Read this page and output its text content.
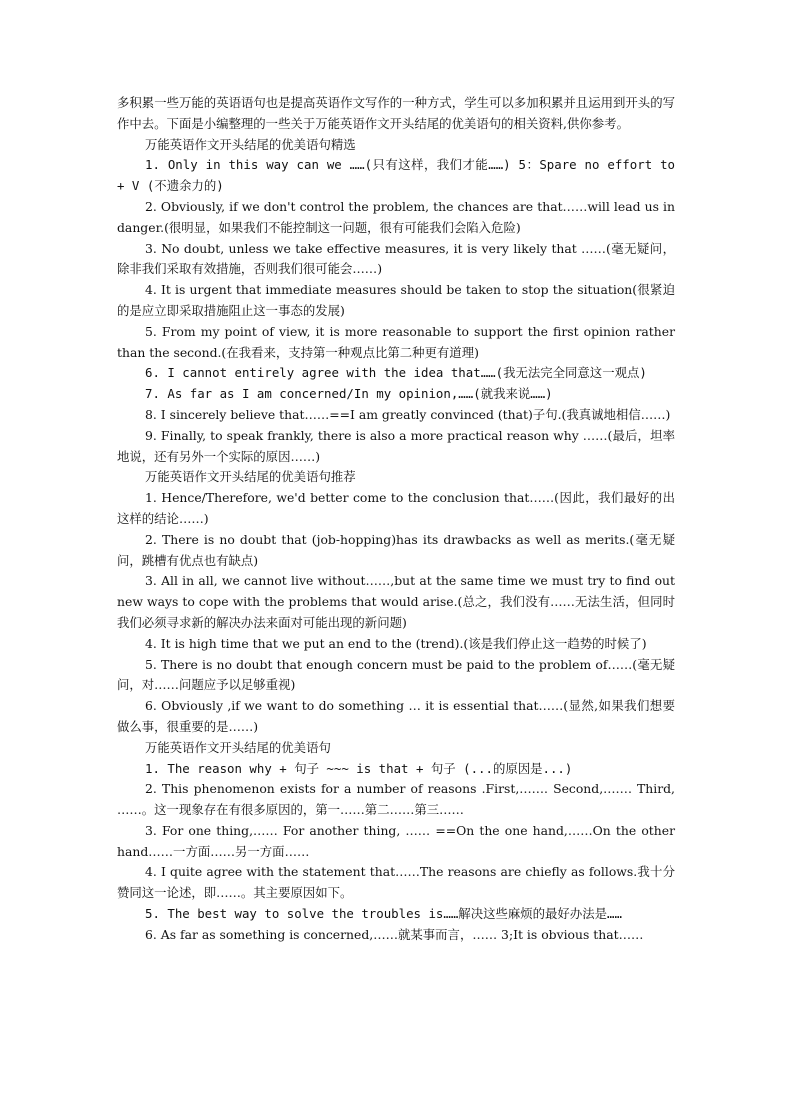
多积累一些万能的英语语句也是提高英语作文写作的一种方式，学生可以多加积累并且运用到开头的写作中去。下面是小编整理的一些关于万能英语作文开头结尾的优美语句的相关资料,供你参考。

万能英语作文开头结尾的优美语句精选

1. Only in this way can we ……(只有这样，我们才能……) 5：Spare no effort to + V (不遗余力的)

2. Obviously, if we don't control the problem, the chances are that……will lead us in danger.(很明显，如果我们不能控制这一问题，很有可能我们会陷入危险)

3. No doubt, unless we take effective measures, it is very likely that ……(毫无疑问，除非我们采取有效措施，否则我们很可能会……)

4. It is urgent that immediate measures should be taken to stop the situation(很紧迫的是应立即采取措施阻止这一事态的发展)

5. From my point of view, it is more reasonable to support the first opinion rather than the second.(在我看来，支持第一种观点比第二种更有道理)

6. I cannot entirely agree with the idea that……(我无法完全同意这一观点)

7. As far as I am concerned/In my opinion,……(就我来说……)

8. I sincerely believe that……==I am greatly convinced (that)子句.(我真诚地相信……)

9. Finally, to speak frankly, there is also a more practical reason why ……(最后，坦率地说，还有另外一个实际的原因……)

万能英语作文开头结尾的优美语句推荐

1. Hence/Therefore, we'd better come to the conclusion that……(因此，我们最好的出这样的结论……)

2. There is no doubt that (job-hopping)has its drawbacks as well as merits.(毫无疑问，跳槽有优点也有缺点)

3. All in all, we cannot live without……,but at the same time we must try to find out new ways to cope with the problems that would arise.(总之，我们没有……无法生活，但同时我们必须寻求新的解决办法来面对可能出现的新问题)

4. It is high time that we put an end to the (trend).(该是我们停止这一趋势的时候了)

5. There is no doubt that enough concern must be paid to the problem of……(毫无疑问，对……问题应予以足够重视)

6. Obviously ,if we want to do something … it is essential that……(显然,如果我们想要做么事，很重要的是……)

万能英语作文开头结尾的优美语句

1. The reason why + 句子 ~~~ is that + 句子 (...的原因是...)

2. This phenomenon exists for a number of reasons .First,……. Second,……. Third, ……。这一现象存在有很多原因的，第一……第二……第三……

3. For one thing,…… For another thing, …… ==On the one hand,……On the other hand……一方面……另一方面……

4. I quite agree with the statement that……The reasons are chiefly as follows.我十分赞同这一论述，即……。其主要原因如下。

5. The best way to solve the troubles is……解决这些麻烦的最好办法是……

6. As far as something is concerned,……就某事而言，…… 3;It is obvious that……
